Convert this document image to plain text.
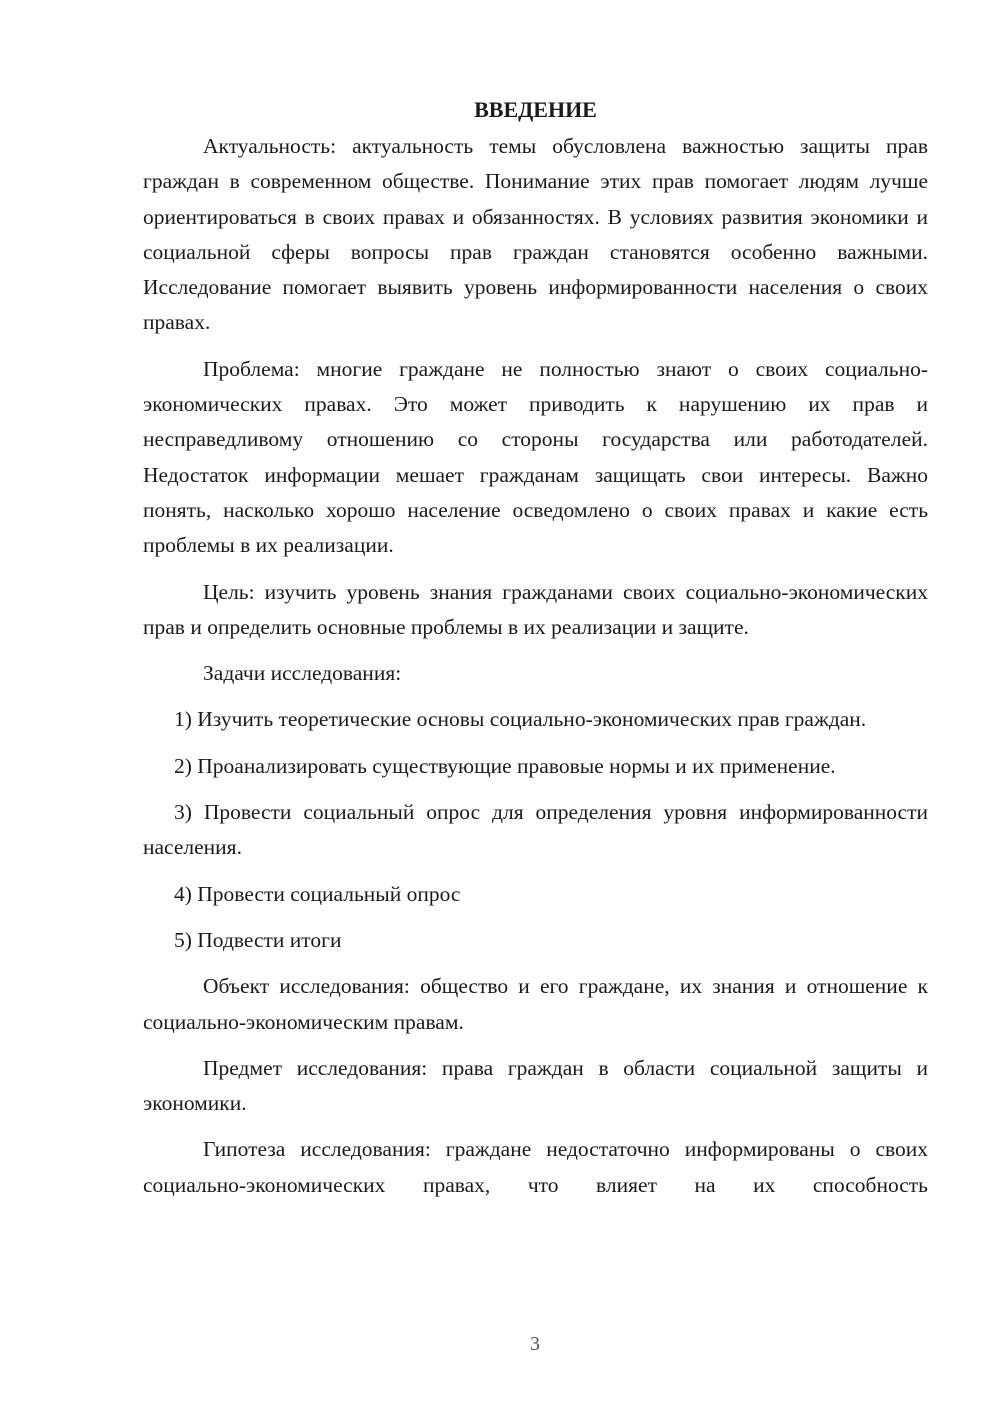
ВВЕДЕНИЕ

Актуальность: актуальность темы обусловлена важностью защиты прав граждан в современном обществе. Понимание этих прав помогает людям лучше ориентироваться в своих правах и обязанностях. В условиях развития экономики и социальной сферы вопросы прав граждан становятся особенно важными. Исследование помогает выявить уровень информированности населения о своих правах.

Проблема: многие граждане не полностью знают о своих социально-экономических правах. Это может приводить к нарушению их прав и несправедливому отношению со стороны государства или работодателей. Недостаток информации мешает гражданам защищать свои интересы. Важно понять, насколько хорошо население осведомлено о своих правах и какие есть проблемы в их реализации.

Цель: изучить уровень знания гражданами своих социально-экономических прав и определить основные проблемы в их реализации и защите.

Задачи исследования:

1) Изучить теоретические основы социально-экономических прав граждан.

2) Проанализировать существующие правовые нормы и их применение.

3) Провести социальный опрос для определения уровня информированности населения.

4) Провести социальный опрос

5) Подвести итоги

Объект исследования: общество и его граждане, их знания и отношение к социально-экономическим правам.

Предмет исследования: права граждан в области социальной защиты и экономики.

Гипотеза исследования: граждане недостаточно информированы о своих социально-экономических правах, что влияет на их способность

3
